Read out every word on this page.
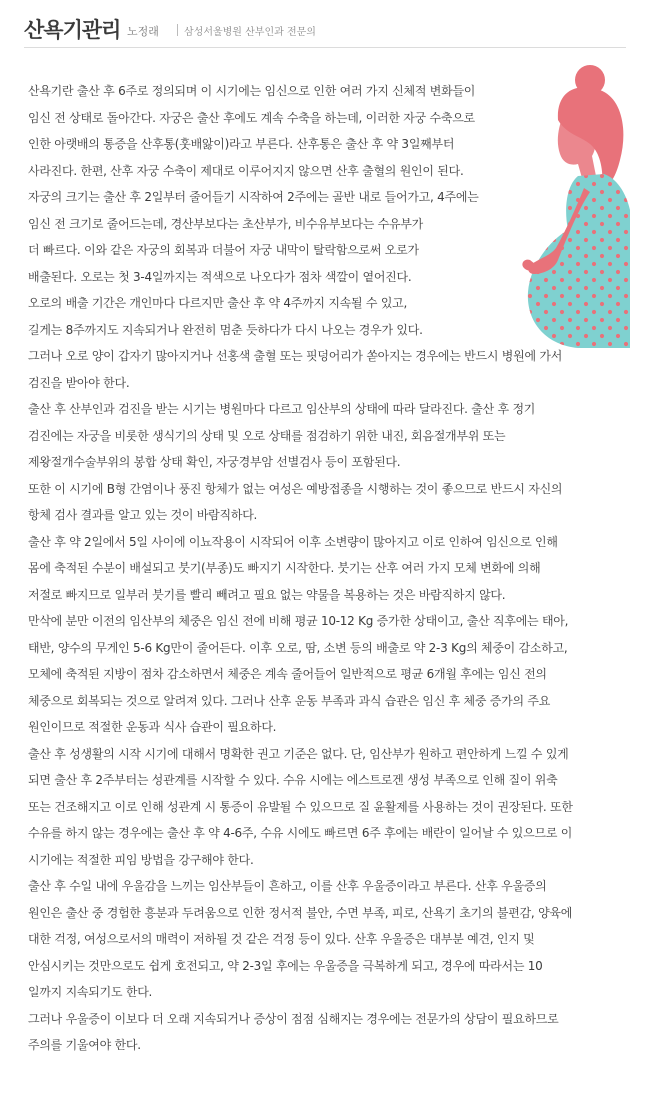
산욕기관리 노정래	삼성서울병원 산부인과 전문의
산욕기란 출산 후 6주로 정의되며 이 시기에는 임신으로 인한 여러 가지 신체적 변화들이
임신 전 상태로 돌아간다. 자궁은 출산 후에도 계속 수축을 하는데, 이러한 자궁 수축으로
인한 아랫배의 통증을 산후통(훗배앓이)라고 부른다. 산후통은 출산 후 약 3일째부터
사라진다. 한편, 산후 자궁 수축이 제대로 이루어지지 않으면 산후 출혈의 원인이 된다.
자궁의 크기는 출산 후 2일부터 줄어들기 시작하여 2주에는 골반 내로 들어가고, 4주에는
임신 전 크기로 줄어드는데, 경산부보다는 초산부가, 비수유부보다는 수유부가
더 빠르다. 이와 같은 자궁의 회복과 더불어 자궁 내막이 탈락함으로써 오로가
배출된다. 오로는 첫 3-4일까지는 적색으로 나오다가 점차 색깔이 옅어진다.
오로의 배출 기간은 개인마다 다르지만 출산 후 약 4주까지 지속될 수 있고,
길게는 8주까지도 지속되거나 완전히 멈춘 듯하다가 다시 나오는 경우가 있다.
그러나 오로 양이 갑자기 많아지거나 선홍색 출혈 또는 핏덩어리가 쏟아지는 경우에는 반드시 병원에 가서
검진을 받아야 한다.
출산 후 산부인과 검진을 받는 시기는 병원마다 다르고 임산부의 상태에 따라 달라진다. 출산 후 정기
검진에는 자궁을 비롯한 생식기의 상태 및 오로 상태를 점검하기 위한 내진, 회음절개부위 또는
제왕절개수술부위의 봉합 상태 확인, 자궁경부암 선별검사 등이 포함된다.
또한 이 시기에 B형 간염이나 풍진 항체가 없는 여성은 예방접종을 시행하는 것이 좋으므로 반드시 자신의
항체 검사 결과를 알고 있는 것이 바람직하다.
출산 후 약 2일에서 5일 사이에 이뇨작용이 시작되어 이후 소변량이 많아지고 이로 인하여 임신으로 인해
몸에 축적된 수분이 배설되고 붓기(부종)도 빠지기 시작한다. 붓기는 산후 여러 가지 모체 변화에 의해
저절로 빠지므로 일부러 붓기를 빨리 빼려고 필요 없는 약물을 복용하는 것은 바람직하지 않다.
만삭에 분만 이전의 임산부의 체중은 임신 전에 비해 평균 10-12 Kg 증가한 상태이고, 출산 직후에는 태아,
태반, 양수의 무게인 5-6 Kg만이 줄어든다. 이후 오로, 땀, 소변 등의 배출로 약 2-3 Kg의 체중이 감소하고,
모체에 축적된 지방이 점차 감소하면서 체중은 계속 줄어들어 일반적으로 평균 6개월 후에는 임신 전의
체중으로 회복되는 것으로 알려져 있다. 그러나 산후 운동 부족과 과식 습관은 임신 후 체중 증가의 주요
원인이므로 적절한 운동과 식사 습관이 필요하다.
출산 후 성생활의 시작 시기에 대해서 명확한 권고 기준은 없다. 단, 임산부가 원하고 편안하게 느낄 수 있게
되면 출산 후 2주부터는 성관계를 시작할 수 있다. 수유 시에는 에스트로겐 생성 부족으로 인해 질이 위축
또는 건조해지고 이로 인해 성관계 시 통증이 유발될 수 있으므로 질 윤활제를 사용하는 것이 권장된다. 또한
수유를 하지 않는 경우에는 출산 후 약 4-6주, 수유 시에도 빠르면 6주 후에는 배란이 일어날 수 있으므로 이
시기에는 적절한 피임 방법을 강구해야 한다.
출산 후 수일 내에 우울감을 느끼는 임산부들이 흔하고, 이를 산후 우울증이라고 부른다. 산후 우울증의
원인은 출산 중 경험한 흥분과 두려움으로 인한 정서적 불안, 수면 부족, 피로, 산욕기 초기의 불편감, 양육에
대한 걱정, 여성으로서의 매력이 저하될 것 같은 걱정 등이 있다. 산후 우울증은 대부분 예견, 인지 및
안심시키는 것만으로도 쉽게 호전되고, 약 2-3일 후에는 우울증을 극복하게 되고, 경우에 따라서는 10
일까지 지속되기도 한다.
그러나 우울증이 이보다 더 오래 지속되거나 증상이 점점 심해지는 경우에는 전문가의 상담이 필요하므로
주의를 기울여야 한다.
